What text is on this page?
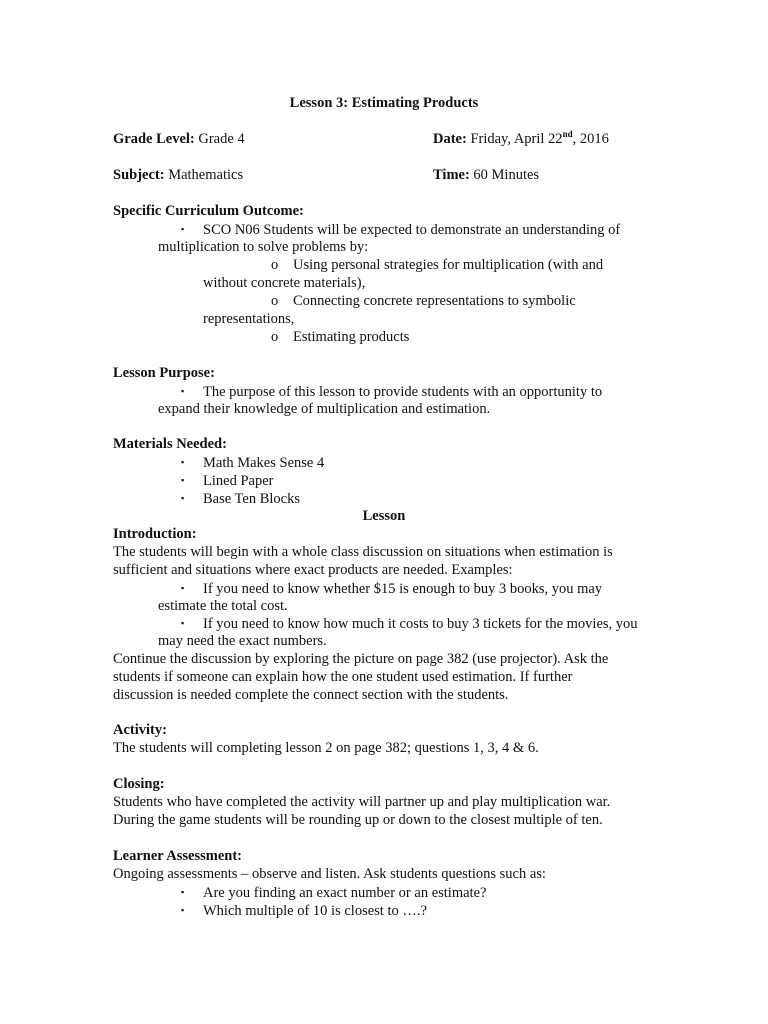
Lesson 3: Estimating Products
Grade Level: Grade 4	Date: Friday, April 22nd, 2016
Subject: Mathematics	Time: 60 Minutes
Specific Curriculum Outcome:
▪ SCO N06 Students will be expected to demonstrate an understanding of
multiplication to solve problems by:
o Using personal strategies for multiplication (with and
without concrete materials),
o Connecting concrete representations to symbolic
representations,
o Estimating products
Lesson Purpose:
▪ The purpose of this lesson to provide students with an opportunity to
expand their knowledge of multiplication and estimation.
Materials Needed:
▪ Math Makes Sense 4
▪ Lined Paper
▪ Base Ten Blocks
Lesson
Introduction:
The students will begin with a whole class discussion on situations when estimation is
sufficient and situations where exact products are needed. Examples:
▪ If you need to know whether $15 is enough to buy 3 books, you may
estimate the total cost.
▪ If you need to know how much it costs to buy 3 tickets for the movies, you
may need the exact numbers.
Continue the discussion by exploring the picture on page 382 (use projector). Ask the
students if someone can explain how the one student used estimation. If further
discussion is needed complete the connect section with the students.
Activity:
The students will completing lesson 2 on page 382; questions 1, 3, 4 & 6.
Closing:
Students who have completed the activity will partner up and play multiplication war.
During the game students will be rounding up or down to the closest multiple of ten.
Learner Assessment:
Ongoing assessments – observe and listen. Ask students questions such as:
▪ Are you finding an exact number or an estimate?
▪ Which multiple of 10 is closest to ….?
